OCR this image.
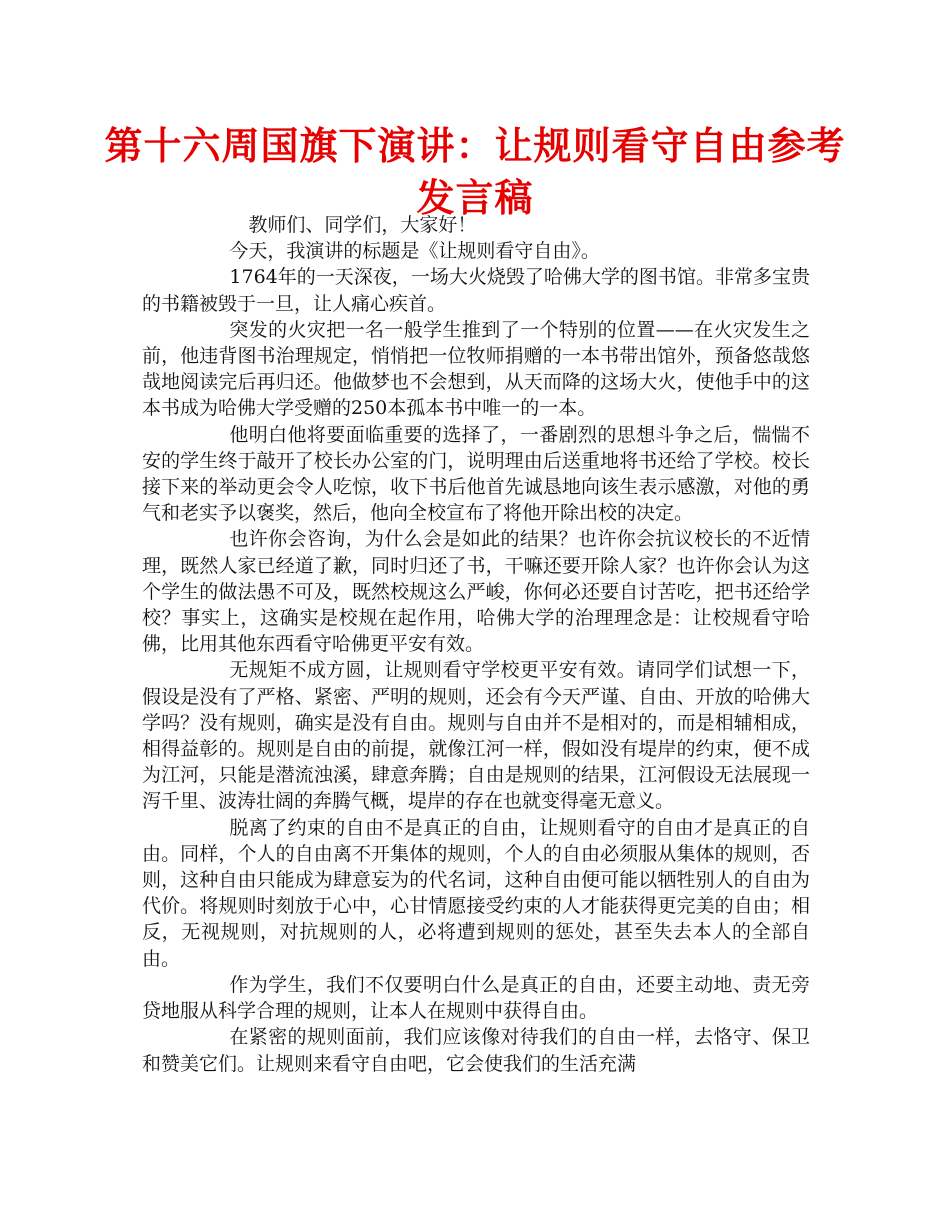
第十六周国旗下演讲：让规则看守自由参考发言稿

教师们、同学们，大家好！

今天，我演讲的标题是《让规则看守自由》。

1764年的一天深夜，一场大火烧毁了哈佛大学的图书馆。非常多宝贵的书籍被毁于一旦，让人痛心疾首。

突发的火灾把一名一般学生推到了一个特别的位置——在火灾发生之前，他违背图书治理规定，悄悄把一位牧师捐赠的一本书带出馆外，预备悠哉悠哉地阅读完后再归还。他做梦也不会想到，从天而降的这场大火，使他手中的这本书成为哈佛大学受赠的250本孤本书中唯一的一本。

他明白他将要面临重要的选择了，一番剧烈的思想斗争之后，惴惴不安的学生终于敲开了校长办公室的门，说明理由后送重地将书还给了学校。校长接下来的举动更会令人吃惊，收下书后他首先诚恳地向该生表示感激，对他的勇气和老实予以褒奖，然后，他向全校宣布了将他开除出校的决定。

也许你会咨询，为什么会是如此的结果？也许你会抗议校长的不近情理，既然人家已经道了歉，同时归还了书，干嘛还要开除人家？也许你会认为这个学生的做法愚不可及，既然校规这么严峻，你何必还要自讨苦吃，把书还给学校？事实上，这确实是校规在起作用，哈佛大学的治理理念是：让校规看守哈佛，比用其他东西看守哈佛更平安有效。

无规矩不成方圆，让规则看守学校更平安有效。请同学们试想一下，假设是没有了严格、紧密、严明的规则，还会有今天严谨、自由、开放的哈佛大学吗？没有规则，确实是没有自由。规则与自由并不是相对的，而是相辅相成，相得益彰的。规则是自由的前提，就像江河一样，假如没有堤岸的约束，便不成为江河，只能是潜流浊溪，肆意奔腾；自由是规则的结果，江河假设无法展现一泻千里、波涛壮阔的奔腾气概，堤岸的存在也就变得毫无意义。

脱离了约束的自由不是真正的自由，让规则看守的自由才是真正的自由。同样，个人的自由离不开集体的规则，个人的自由必须服从集体的规则，否则，这种自由只能成为肆意妄为的代名词，这种自由便可能以牺牲别人的自由为代价。将规则时刻放于心中，心甘情愿接受约束的人才能获得更完美的自由；相反，无视规则，对抗规则的人，必将遭到规则的惩处，甚至失去本人的全部自由。

作为学生，我们不仅要明白什么是真正的自由，还要主动地、责无旁贷地服从科学合理的规则，让本人在规则中获得自由。

在紧密的规则面前，我们应该像对待我们的自由一样，去恪守、保卫和赞美它们。让规则来看守自由吧，它会使我们的生活充满
